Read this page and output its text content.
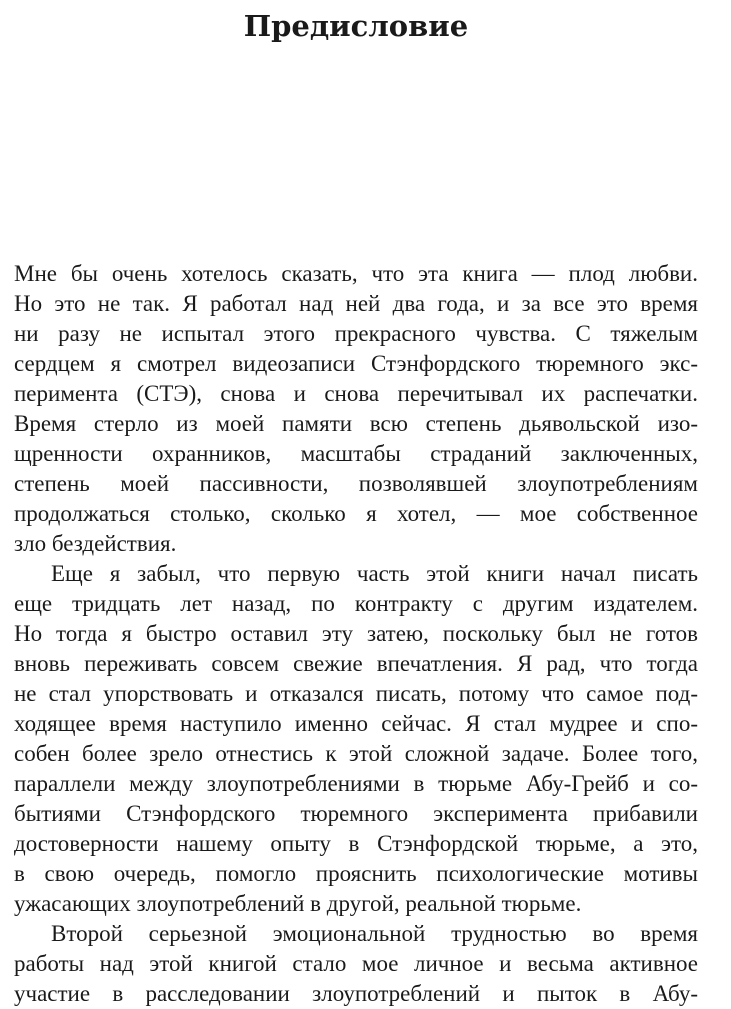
Предисловие
Мне бы очень хотелось сказать, что эта книга — плод любви.
Но это не так. Я работал над ней два года, и за все это время
ни разу не испытал этого прекрасного чувства. С тяжелым
сердцем я смотрел видеозаписи Стэнфордского тюремного экс-
перимента (СТЭ), снова и снова перечитывал их распечатки.
Время стерло из моей памяти всю степень дьявольской изо-
щренности охранников, масштабы страданий заключенных,
степень моей пассивности, позволявшей злоупотреблениям
продолжаться столько, сколько я хотел, — мое собственное
зло бездействия.
Еще я забыл, что первую часть этой книги начал писать
еще тридцать лет назад, по контракту с другим издателем.
Но тогда я быстро оставил эту затею, поскольку был не готов
вновь переживать совсем свежие впечатления. Я рад, что тогда
не стал упорствовать и отказался писать, потому что самое под-
ходящее время наступило именно сейчас. Я стал мудрее и спо-
собен более зрело отнестись к этой сложной задаче. Более того,
параллели между злоупотреблениями в тюрьме Абу-Грейб и со-
бытиями Стэнфордского тюремного эксперимента прибавили
достоверности нашему опыту в Стэнфордской тюрьме, а это,
в свою очередь, помогло прояснить психологические мотивы
ужасающих злоупотреблений в другой, реальной тюрьме.
Второй серьезной эмоциональной трудностью во время
работы над этой книгой стало мое личное и весьма активное
участие в расследовании злоупотреблений и пыток в Абу-
